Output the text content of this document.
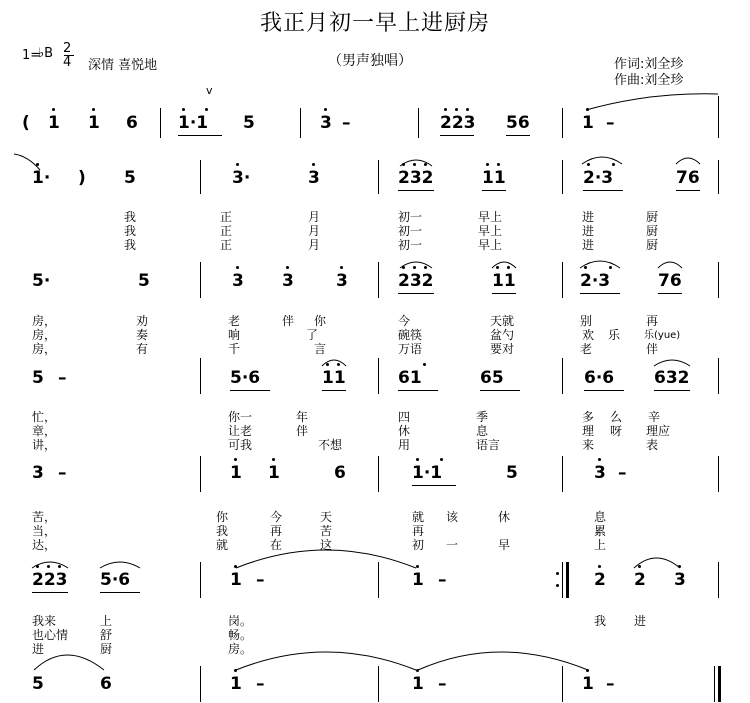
我正月初一早上进厨房
（男声独唱）
1=
♭B 2
4 深情 喜悦地	作词:刘全珍
作曲:刘全珍
v
( 1 1 6 1·1 5	3 –	223 56	1 –
1· ) 5	3·	3	232	11	2·3	76
我	正	月	初一	早上	进	厨
我	正	月	初一	早上	进	厨
我	正	月	初一	早上	进	厨
5·	5	3 3 3	232	11	2·3	76
房，	劝	老	伴 你	今	天就	别	再
房，	奏	响	了	碗筷	盆勺	欢 乐 乐(yue)
房，	有	千	言	万语	要对	老	伴
5 –	5·6	11	61	65	6·6 632
忙，	你一	年	四	季	多 么 辛
章，	让老	伴	休	息	理 呀 理应
讲，	可我	不想	用	语言	来	表
3 –	1 1	6	1·1	5	3 –
苦，	你	今	天	就 该	休	息
当，	我	再	苦	再	累
达，	就	在	这	初 一	早	上
223 5·6	1 –	1 –	2 2 3
我来	上	岗。	我 进
也心情	舒	畅。
进	厨	房。
5	6	1 –	1 –	1 –
